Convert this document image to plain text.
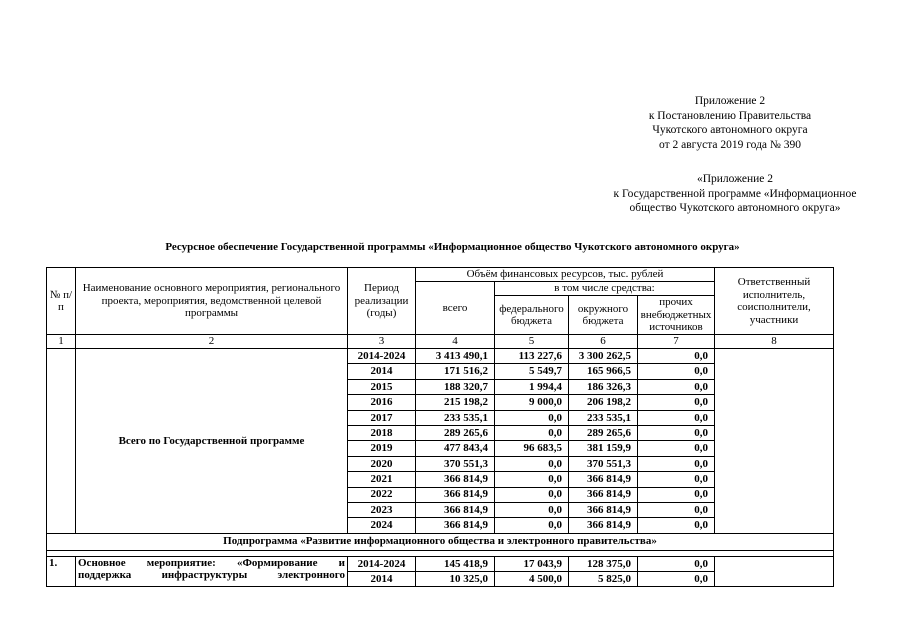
Приложение 2
к Постановлению Правительства
Чукотского автономного округа
от 2 августа 2019 года № 390
«Приложение 2
к Государственной программе «Информационное
общество Чукотского автономного округа»
Ресурсное обеспечение Государственной программы «Информационное общество Чукотского автономного округа»
№ п/п	Наименование основного мероприятия, регионального проекта, мероприятия, ведомственной целевой программы	Период реализации (годы)	Объём финансовых ресурсов, тыс. рублей				Ответственный исполнитель, соисполнители, участники
			всего	в том числе средства:			
				федерального бюджета	окружного бюджета	прочих внебюджетных источников	
1	2	3	4	5	6	7	8
	Всего по Государственной программе	2014-2024	3 413 490,1	113 227,6	3 300 262,5	0,0	
		2014	171 516,2	5 549,7	165 966,5	0,0	
		2015	188 320,7	1 994,4	186 326,3	0,0	
		2016	215 198,2	9 000,0	206 198,2	0,0	
		2017	233 535,1	0,0	233 535,1	0,0	
		2018	289 265,6	0,0	289 265,6	0,0	
		2019	477 843,4	96 683,5	381 159,9	0,0	
		2020	370 551,3	0,0	370 551,3	0,0	
		2021	366 814,9	0,0	366 814,9	0,0	
		2022	366 814,9	0,0	366 814,9	0,0	
		2023	366 814,9	0,0	366 814,9	0,0	
		2024	366 814,9	0,0	366 814,9	0,0	
Подпрограмма «Развитие информационного общества и электронного правительства»							

1.	Основное мероприятие: «Формирование и
поддержка инфраструктуры электронного	2014-2024	145 418,9	17 043,9	128 375,0	0,0	
		2014	10 325,0	4 500,0	5 825,0	0,0	
